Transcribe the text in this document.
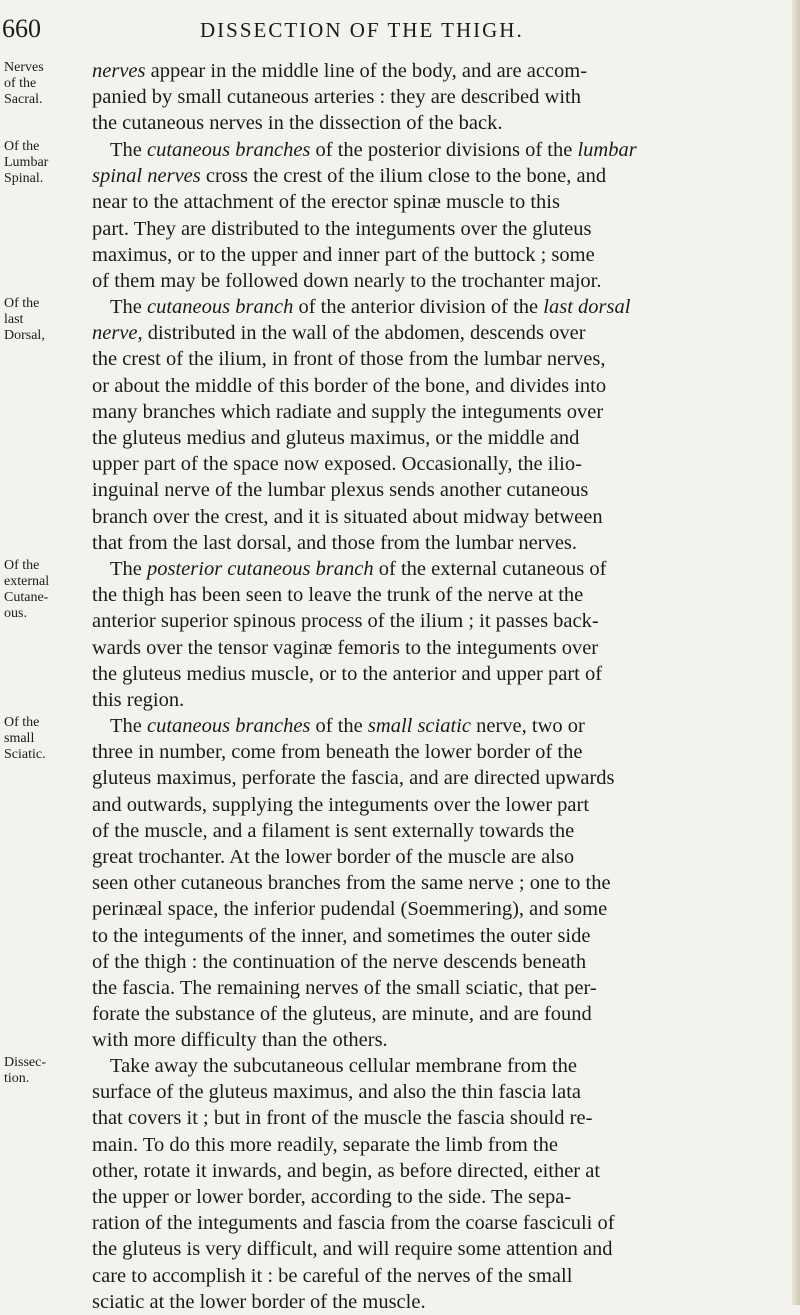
660	DISSECTION OF THE THIGH.
Nerves
of the
Sacral.
nerves appear in the middle line of the body, and are accom-
panied by small cutaneous arteries : they are described with
the cutaneous nerves in the dissection of the back.
Of the
Lumbar
Spinal.
The cutaneous branches of the posterior divisions of the lumbar
spinal nerves cross the crest of the ilium close to the bone, and
near to the attachment of the erector spinæ muscle to this
part. They are distributed to the integuments over the gluteus
maximus, or to the upper and inner part of the buttock ; some
of them may be followed down nearly to the trochanter major.
Of the
last
Dorsal,
The cutaneous branch of the anterior division of the last dorsal
nerve, distributed in the wall of the abdomen, descends over
the crest of the ilium, in front of those from the lumbar nerves,
or about the middle of this border of the bone, and divides into
many branches which radiate and supply the integuments over
the gluteus medius and gluteus maximus, or the middle and
upper part of the space now exposed. Occasionally, the ilio-
inguinal nerve of the lumbar plexus sends another cutaneous
branch over the crest, and it is situated about midway between
that from the last dorsal, and those from the lumbar nerves.
Of the
external
Cutane-
ous.
The posterior cutaneous branch of the external cutaneous of
the thigh has been seen to leave the trunk of the nerve at the
anterior superior spinous process of the ilium ; it passes back-
wards over the tensor vaginæ femoris to the integuments over
the gluteus medius muscle, or to the anterior and upper part of
this region.
Of the
small
Sciatic.
The cutaneous branches of the small sciatic nerve, two or
three in number, come from beneath the lower border of the
gluteus maximus, perforate the fascia, and are directed upwards
and outwards, supplying the integuments over the lower part
of the muscle, and a filament is sent externally towards the
great trochanter. At the lower border of the muscle are also
seen other cutaneous branches from the same nerve ; one to the
perinæal space, the inferior pudendal (Soemmering), and some
to the integuments of the inner, and sometimes the outer side
of the thigh : the continuation of the nerve descends beneath
the fascia. The remaining nerves of the small sciatic, that per-
forate the substance of the gluteus, are minute, and are found
with more difficulty than the others.
Dissec-
tion.
Take away the subcutaneous cellular membrane from the
surface of the gluteus maximus, and also the thin fascia lata
that covers it ; but in front of the muscle the fascia should re-
main. To do this more readily, separate the limb from the
other, rotate it inwards, and begin, as before directed, either at
the upper or lower border, according to the side. The sepa-
ration of the integuments and fascia from the coarse fasciculi of
the gluteus is very difficult, and will require some attention and
care to accomplish it : be careful of the nerves of the small
sciatic at the lower border of the muscle.
